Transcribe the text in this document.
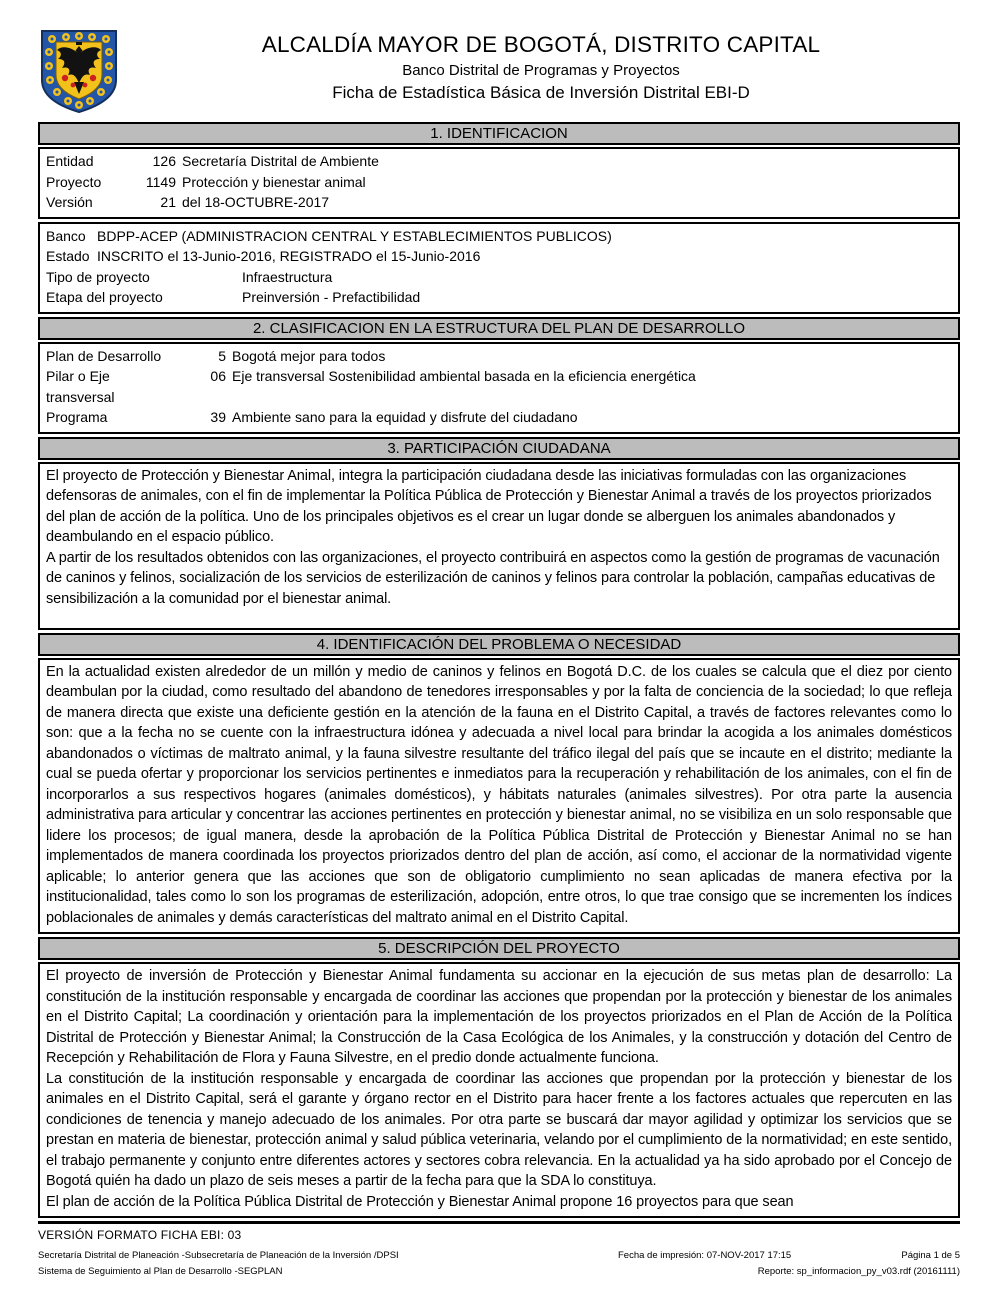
ALCALDÍA MAYOR DE BOGOTÁ, DISTRITO CAPITAL
Banco Distrital de Programas y Proyectos
Ficha de Estadística Básica de Inversión Distrital EBI-D
1. IDENTIFICACION
Entidad	126 Secretaría Distrital de Ambiente
Proyecto	1149 Protección y bienestar animal
Versión	21 del 18-OCTUBRE-2017
Banco BDPP-ACEP (ADMINISTRACION CENTRAL Y ESTABLECIMIENTOS PUBLICOS)
Estado INSCRITO el 13-Junio-2016, REGISTRADO el 15-Junio-2016
Tipo de proyecto	Infraestructura
Etapa del proyecto	Preinversión - Prefactibilidad
2. CLASIFICACION EN LA ESTRUCTURA DEL PLAN DE DESARROLLO
Plan de Desarrollo	5 Bogotá mejor para todos
Pilar o Eje transversal
06 Eje transversal Sostenibilidad ambiental basada en la eficiencia energética
Programa	39 Ambiente sano para la equidad y disfrute del ciudadano
3. PARTICIPACIÓN CIUDADANA
El proyecto de Protección y Bienestar Animal, integra la participación ciudadana desde las iniciativas formuladas con las organizaciones defensoras de animales, con el fin de implementar la Política Pública de Protección y Bienestar Animal a través de los proyectos priorizados del plan de acción de la política. Uno de los principales objetivos es el crear un lugar donde se alberguen los animales abandonados y deambulando en el espacio público.
A partir de los resultados obtenidos con las organizaciones, el proyecto contribuirá en aspectos como la gestión de programas de vacunación de caninos y felinos, socialización de los servicios de esterilización de caninos y felinos para controlar la población, campañas educativas de sensibilización a la comunidad por el bienestar animal.
4. IDENTIFICACIÓN DEL PROBLEMA O NECESIDAD
En la actualidad existen alrededor de un millón y medio de caninos y felinos en Bogotá D.C. de los cuales se calcula que el diez por ciento deambulan por la ciudad, como resultado del abandono de tenedores irresponsables y por la falta de conciencia de la sociedad; lo que refleja de manera directa que existe una deficiente gestión en la atención de la fauna en el Distrito Capital, a través de factores relevantes como lo son: que a la fecha no se cuente con la infraestructura idónea y adecuada a nivel local para brindar la acogida a los animales domésticos abandonados o víctimas de maltrato animal, y la fauna silvestre resultante del tráfico ilegal del país que se incaute en el distrito; mediante la cual se pueda ofertar y proporcionar los servicios pertinentes e inmediatos para la recuperación y rehabilitación de los animales, con el fin de incorporarlos a sus respectivos hogares (animales domésticos), y hábitats naturales (animales silvestres). Por otra parte la ausencia administrativa para articular y concentrar las acciones pertinentes en protección y bienestar animal, no se visibiliza en un solo responsable que lidere los procesos; de igual manera, desde la aprobación de la Política Pública Distrital de Protección y Bienestar Animal no se han implementados de manera coordinada los proyectos priorizados dentro del plan de acción, así como, el accionar de la normatividad vigente aplicable; lo anterior genera que las acciones que son de obligatorio cumplimiento no sean aplicadas de manera efectiva por la institucionalidad, tales como lo son los programas de esterilización, adopción, entre otros, lo que trae consigo que se incrementen los índices poblacionales de animales y demás características del maltrato animal en el Distrito Capital.
5. DESCRIPCIÓN DEL PROYECTO
El proyecto de inversión de Protección y Bienestar Animal fundamenta su accionar en la ejecución de sus metas plan de desarrollo: La constitución de la institución responsable y encargada de coordinar las acciones que propendan por la protección y bienestar de los animales en el Distrito Capital; La coordinación y orientación para la implementación de los proyectos priorizados en el Plan de Acción de la Política Distrital de Protección y Bienestar Animal; la Construcción de la Casa Ecológica de los Animales, y la construcción y dotación del Centro de Recepción y Rehabilitación de Flora y Fauna Silvestre, en el predio donde actualmente funciona.
La constitución de la institución responsable y encargada de coordinar las acciones que propendan por la protección y bienestar de los animales en el Distrito Capital, será el garante y órgano rector en el Distrito para hacer frente a los factores actuales que repercuten en las condiciones de tenencia y manejo adecuado de los animales. Por otra parte se buscará dar mayor agilidad y optimizar los servicios que se prestan en materia de bienestar, protección animal y salud pública veterinaria, velando por el cumplimiento de la normatividad; en este sentido, el trabajo permanente y conjunto entre diferentes actores y sectores cobra relevancia. En la actualidad ya ha sido aprobado por el Concejo de Bogotá quién ha dado un plazo de seis meses a partir de la fecha para que la SDA lo constituya.
El plan de acción de la Política Pública Distrital de Protección y Bienestar Animal propone 16 proyectos para que sean
VERSIÓN FORMATO FICHA EBI: 03
Secretaría Distrital de Planeación -Subsecretaría de Planeación de la Inversión /DPSI
Sistema de Seguimiento al Plan de Desarrollo -SEGPLAN
Fecha de impresión: 07-NOV-2017 17:15	Página 1 de 5
Reporte: sp_informacion_py_v03.rdf (20161111)
